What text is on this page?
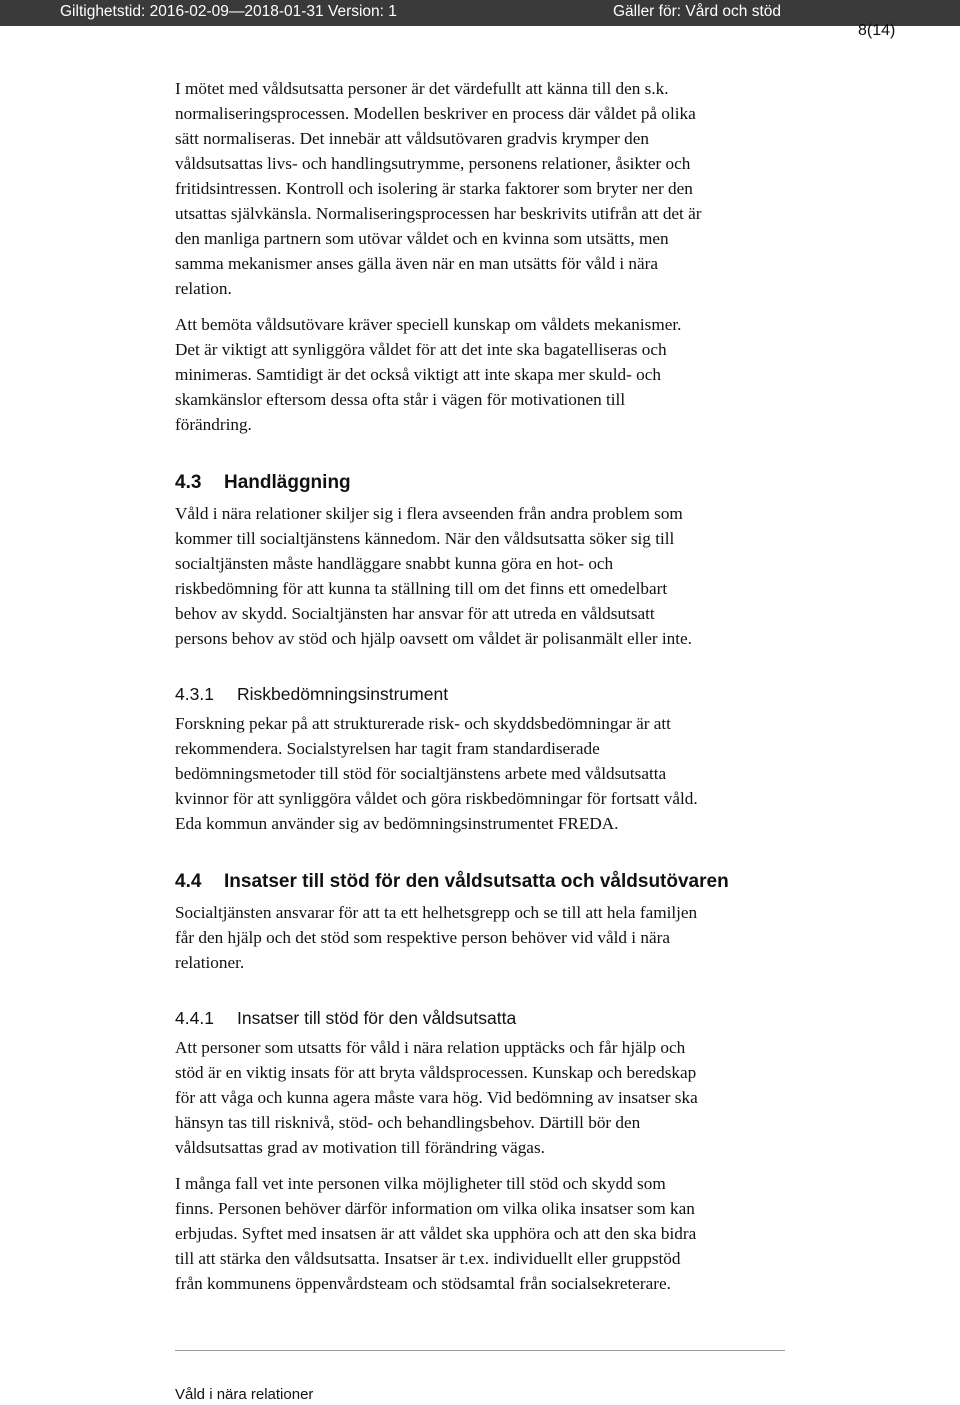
Giltighetstid: 2016-02-09—2018-01-31 Version: 1	Gäller för: Vård och stöd
8(14)

I mötet med våldsutsatta personer är det värdefullt att känna till den s.k.
normaliseringsprocessen. Modellen beskriver en process där våldet på olika
sätt normaliseras. Det innebär att våldsutövaren gradvis krymper den
våldsutsattas livs- och handlingsutrymme, personens relationer, åsikter och
fritidsintressen. Kontroll och isolering är starka faktorer som bryter ner den
utsattas självkänsla. Normaliseringsprocessen har beskrivits utifrån att det är
den manliga partnern som utövar våldet och en kvinna som utsätts, men
samma mekanismer anses gälla även när en man utsätts för våld i nära
relation.

Att bemöta våldsutövare kräver speciell kunskap om våldets mekanismer.
Det är viktigt att synliggöra våldet för att det inte ska bagatelliseras och
minimeras. Samtidigt är det också viktigt att inte skapa mer skuld- och
skamkänslor eftersom dessa ofta står i vägen för motivationen till
förändring.

4.3 Handläggning

Våld i nära relationer skiljer sig i flera avseenden från andra problem som
kommer till socialtjänstens kännedom. När den våldsutsatta söker sig till
socialtjänsten måste handläggare snabbt kunna göra en hot- och
riskbedömning för att kunna ta ställning till om det finns ett omedelbart
behov av skydd. Socialtjänsten har ansvar för att utreda en våldsutsatt
persons behov av stöd och hjälp oavsett om våldet är polisanmält eller inte.

4.3.1 Riskbedömningsinstrument

Forskning pekar på att strukturerade risk- och skyddsbedömningar är att
rekommendera. Socialstyrelsen har tagit fram standardiserade
bedömningsmetoder till stöd för socialtjänstens arbete med våldsutsatta
kvinnor för att synliggöra våldet och göra riskbedömningar för fortsatt våld.
Eda kommun använder sig av bedömningsinstrumentet FREDA.

4.4 Insatser till stöd för den våldsutsatta och våldsutövaren

Socialtjänsten ansvarar för att ta ett helhetsgrepp och se till att hela familjen
får den hjälp och det stöd som respektive person behöver vid våld i nära
relationer.

4.4.1 Insatser till stöd för den våldsutsatta

Att personer som utsatts för våld i nära relation upptäcks och får hjälp och
stöd är en viktig insats för att bryta våldsprocessen. Kunskap och beredskap
för att våga och kunna agera måste vara hög. Vid bedömning av insatser ska
hänsyn tas till risknivå, stöd- och behandlingsbehov. Därtill bör den
våldsutsattas grad av motivation till förändring vägas.

I många fall vet inte personen vilka möjligheter till stöd och skydd som
finns. Personen behöver därför information om vilka olika insatser som kan
erbjudas. Syftet med insatsen är att våldet ska upphöra och att den ska bidra
till att stärka den våldsutsatta. Insatser är t.ex. individuellt eller gruppstöd
från kommunens öppenvårdsteam och stödsamtal från socialsekreterare.

Våld i nära relationer
